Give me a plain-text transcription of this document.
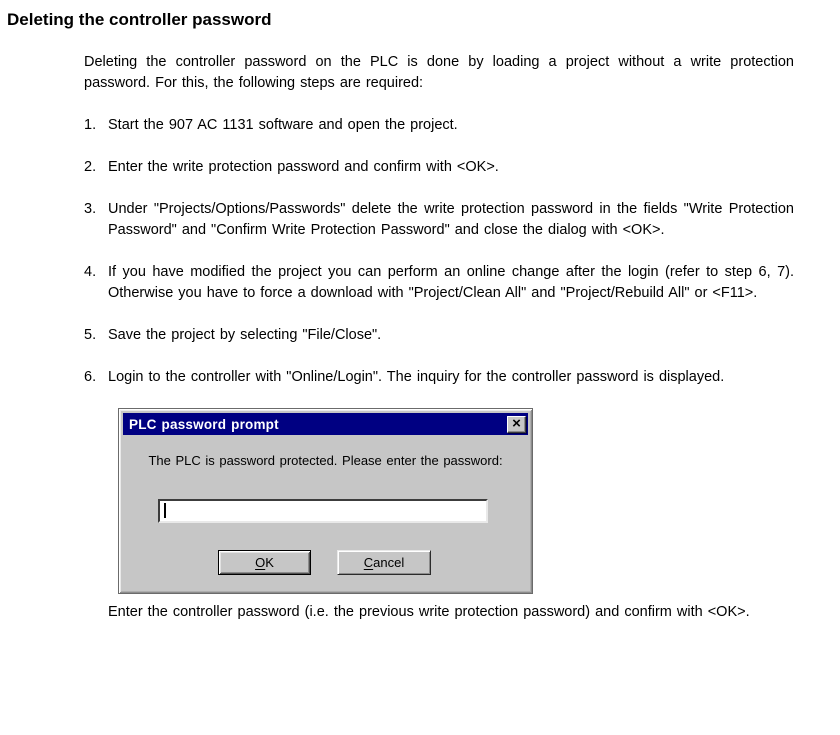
Deleting the controller password

Deleting the controller password on the PLC is done by loading a project without a write protection password. For this, the following steps are required:

1. Start the 907 AC 1131 software and open the project.
2. Enter the write protection password and confirm with <OK>.
3. Under "Projects/Options/Passwords" delete the write protection password in the fields "Write Protection Password" and "Confirm Write Protection Password" and close the dialog with <OK>.
4. If you have modified the project you can perform an online change after the login (refer to step 6, 7). Otherwise you have to force a download with "Project/Clean All" and "Project/Rebuild All" or <F11>.
5. Save the project by selecting "File/Close".
6. Login to the controller with "Online/Login". The inquiry for the controller password is displayed.
PLC password prompt	×
The PLC is password protected. Please enter the password:
OK	Cancel

Enter the controller password (i.e. the previous write protection password) and confirm with <OK>.
